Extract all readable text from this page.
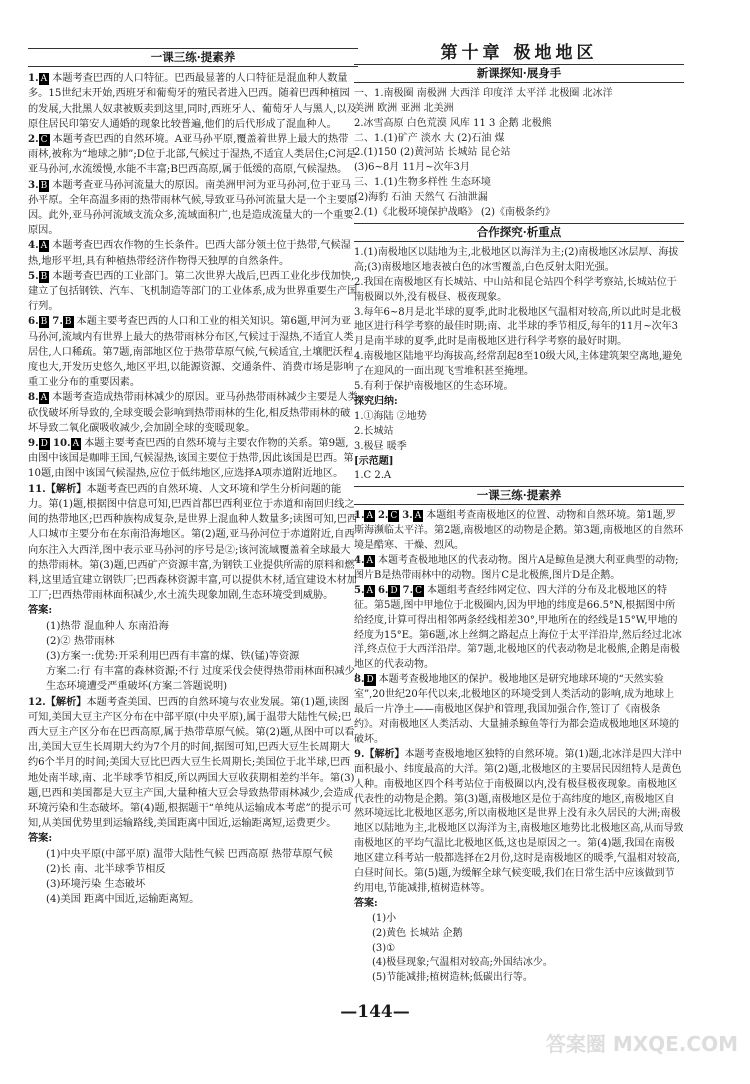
一课三练·提素养

1. A 本题考查巴西的人口特征。巴西最显著的人口特征是混血种人数量多。15世纪末开始,西班牙和葡萄牙的殖民者进入巴西。随着巴西种植园的发展,大批黑人奴隶被贩卖到这里,同时,西班牙人、葡萄牙人与黑人,以及原住居民印第安人通婚的现象比较普遍,他们的后代形成了混血种人。

2. C 本题考查巴西的自然环境。A亚马孙平原,覆盖着世界上最大的热带雨林,被称为“地球之肺”;D位于北部,气候过于湿热,不适宜人类居住;C河是亚马孙河,水流缓慢,水能不丰富;B巴西高原,属于低缓的高原,气候湿热。

3. B 本题考查亚马孙河流量大的原因。南美洲甲河为亚马孙河,位于亚马孙平原。全年高温多雨的热带雨林气候,导致亚马孙河流量大是一个主要原因。此外,亚马孙河流域支流众多,流域面积广,也是造成流量大的一个重要原因。

4. A 本题考查巴西农作物的生长条件。巴西大部分领土位于热带,气候湿热,地形平坦,具有种植热带经济作物得天独厚的自然条件。

5. B 本题考查巴西的工业部门。第二次世界大战后,巴西工业化步伐加快,建立了包括钢铁、汽车、飞机制造等部门的工业体系,成为世界重要生产国行列。

6. B 7. B 本题主要考查巴西的人口和工业的相关知识。第6题,甲河为亚马孙河,流域内有世界上最大的热带雨林分布区,气候过于湿热,不适宜人类居住,人口稀疏。第7题,南部地区位于热带草原气候,气候适宜,土壤肥沃程度也大,开发历史悠久,地区平坦,以能源资源、交通条件、消费市场是影响重工业分布的重要因素。

8. A 本题考查造成热带雨林减少的原因。亚马孙热带雨林减少主要是人类砍伐破坏所导致的,全球变暖会影响到热带雨林的生化,相反热带雨林的破坏导致二氧化碳吸收减少,会加剧全球的变暖现象。

9. D 10. A 本题主要考查巴西的自然环境与主要农作物的关系。第9题,由图中该国是咖啡王国,气候湿热,该国主要位于热带,因此该国是巴西。第10题,由图中该国气候湿热,应位于低纬地区,应选择A项赤道附近地区。

11.【解析】本题考查巴西的自然环境、人文环境和学生分析问题的能力。第(1)题,根据图中信息可知,巴西首都巴西利亚位于赤道和南回归线之间的热带地区;巴西种族构成复杂,是世界上混血种人数量多;读图可知,巴西人口城市主要分布在东南沿海地区。第(2)题,亚马孙河位于赤道附近,自西向东注入大西洋,图中表示亚马孙河的序号是②;该河流域覆盖着全球最大的热带雨林。第(3)题,巴西矿产资源丰富,为钢铁工业提供所需的原料和燃料,这里适宜建立钢铁厂;巴西森林资源丰富,可以提供木材,适宜建设木材加工厂;巴西热带雨林面积减少,水土流失现象加剧,生态环境受到威胁。

答案:

(1)热带 混血种人 东南沿海

(2)② 热带雨林

(3)方案一:优势:开采利用巴西有丰富的煤、铁(锰)等资源

方案二:行 有丰富的森林资源;不行 过度采伐会使得热带雨林面积减少,生态环境遭受严重破坏(方案二答题说明)

12.【解析】本题考查美国、巴西的自然环境与农业发展。第(1)题,读图可知,美国大豆主产区分布在中部平原(中央平原),属于温带大陆性气候;巴西大豆主产区分布在巴西高原,属于热带草原气候。第(2)题,从图中可以看出,美国大豆生长周期大约为7个月的时间,据图可知,巴西大豆生长周期大约6个半月的时间;美国大豆比巴西大豆生长周期长;美国位于北半球,巴西地处南半球,南、北半球季节相反,所以两国大豆收获期相差约半年。第(3)题,巴西和美国都是大豆主产国,大量种植大豆会导致热带雨林减少,会造成环境污染和生态破坏。第(4)题,根据题干“单纯从运输成本考虑”的提示可知,从美国优势里到运输路线,美国距离中国近,运输距离短,运费更少。

答案:

(1)中央平原(中部平原) 温带大陆性气候 巴西高原 热带草原气候

(2)长 南、北半球季节相反

(3)环境污染 生态破坏

(4)美国 距离中国近,运输距离短。

第十章 极地地区
新课探知·展身手

一、1.南极圈 南极洲 大西洋 印度洋 太平洋 北极圈 北冰洋

美洲 欧洲 亚洲 北美洲

2.冰雪高原 白色荒漠 风库 11 3 企鹅 北极熊

二、1.(1)矿产 淡水 大 (2)石油 煤

2.(1)150 (2)黄河站 长城站 昆仑站

(3)6~8月 11月~次年3月

三、1.(1)生物多样性 生态环境

(2)海豹 石油 天然气 石油泄漏

2.(1)《北极环境保护战略》 (2)《南极条约》

合作探究·析重点

1.(1)南极地区以陆地为主,北极地区以海洋为主;(2)南极地区冰层厚、海拔高;(3)南极地区地表被白色的冰雪覆盖,白色反射太阳光强。

2.我国在南极地区有长城站、中山站和昆仑站四个科学考察站,长城站位于南极圈以外,没有极昼、极夜现象。

3.每年6~8月是北半球的夏季,此时北极地区气温相对较高,所以此时是北极地区进行科学考察的最佳时期;南、北半球的季节相反,每年的11月~次年3月是南半球的夏季,此时是南极地区进行科学考察的最好时期。

4.南极地区陆地平均海拔高,经常刮起8至10级大风,主体建筑架空离地,避免了在迎风的一面出现飞雪堆积甚至掩埋。

5.有利于保护南极地区的生态环境。

探究归纳:

1.①海陆 ②地势

2.长城站

3.极昼 暖季

[示范题]

1.C 2.A

一课三练·提素养

1. A 2. C 3. A 本题组考查南极地区的位置、动物和自然环境。第1题,罗斯海濒临太平洋。第2题,南极地区的动物是企鹅。第3题,南极地区的自然环境是酷寒、干燥、烈风。

4. A 本题考查极地地区的代表动物。图片A是鲸鱼是澳大利亚典型的动物;图片B是热带雨林中的动物。图片C是北极熊,图片D是企鹅。

5. A 6. D 7. C 本题组考查经纬网定位、四大洋的分布及北极地区的特征。第5题,图中甲地位于北极圈内,因为甲地的纬度是66.5°N,根据图中所给经度,计算可得出相邻两条经线相差30°,甲地所在的经线是15°W,甲地的经度为15°E。第6题,冰上丝绸之路起点上海位于太平洋沿岸,然后经过北冰洋,终点位于大西洋沿岸。第7题,北极地区的代表动物是北极熊,企鹅是南极地区的代表动物。

8. D 本题考查极地地区的保护。极地地区是研究地球环境的“天然实验室”,20世纪20年代以来,北极地区的环境受到人类活动的影响,成为地球上最后一片净土——南极地区保护和管理,我国加强合作,签订了《南极条约》。对南极地区人类活动、大量捕杀鲸鱼等行为都会造成极地地区环境的破坏。

9.【解析】本题考查极地地区独特的自然环境。第(1)题,北冰洋是四大洋中面积最小、纬度最高的大洋。第(2)题,北极地区的主要居民因纽特人是黄色人种。南极地区四个科考站位于南极圈以内,没有极昼极夜现象。南极地区代表性的动物是企鹅。第(3)题,南极地区是位于高纬度的地区,南极地区自然环境远比北极地区恶劣,所以南极地区是世界上没有永久居民的大洲;南极地区以陆地为主,北极地区以海洋为主,南极地区地势比北极地区高,从而导致南极地区的平均气温比北极地区低,这也是原因之一。第(4)题,我国在南极地区建立科考站一般都选择在2月份,这时是南极地区的暖季,气温相对较高,白昼时间长。第(5)题,为缓解全球气候变暖,我们在日常生活中应该做到节约用电,节能减排,植树造林等。

答案:

(1)小

(2)黄色 长城站 企鹅

(3)①

(4)极昼现象;气温相对较高;外国结冰少。

(5)节能减排;植树造林;低碳出行等。

—144—
答案圈 MXQE.COM
